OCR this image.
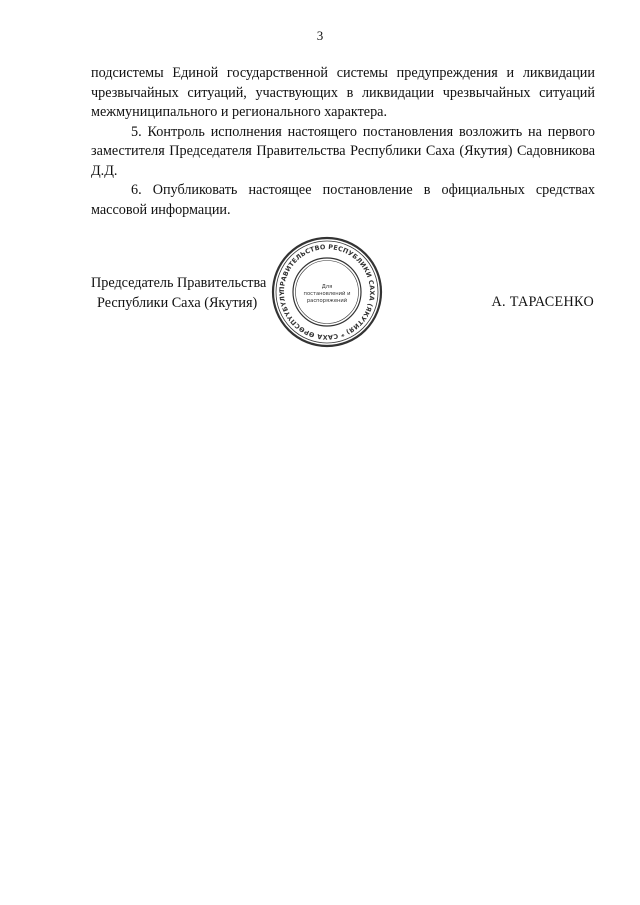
3

подсистемы Единой государственной системы предупреждения и ликвидации чрезвычайных ситуаций, участвующих в ликвидации чрезвычайных ситуаций межмуниципального и регионального характера.

5. Контроль исполнения настоящего постановления возложить на первого заместителя Председателя Правительства Республики Саха (Якутия) Садовникова Д.Д.

6. Опубликовать настоящее постановление в официальных средствах массовой информации.

Председатель Правительства
Республики Саха (Якутия)	А. ТАРАСЕНКО
ПРАВИТЕЛЬСТВО РЕСПУБЛИКИ САХА (ЯКУТИЯ) * САХА ӨРӨСПҮҮБҮЛҮ
Для
постановлений и
распоряжений
